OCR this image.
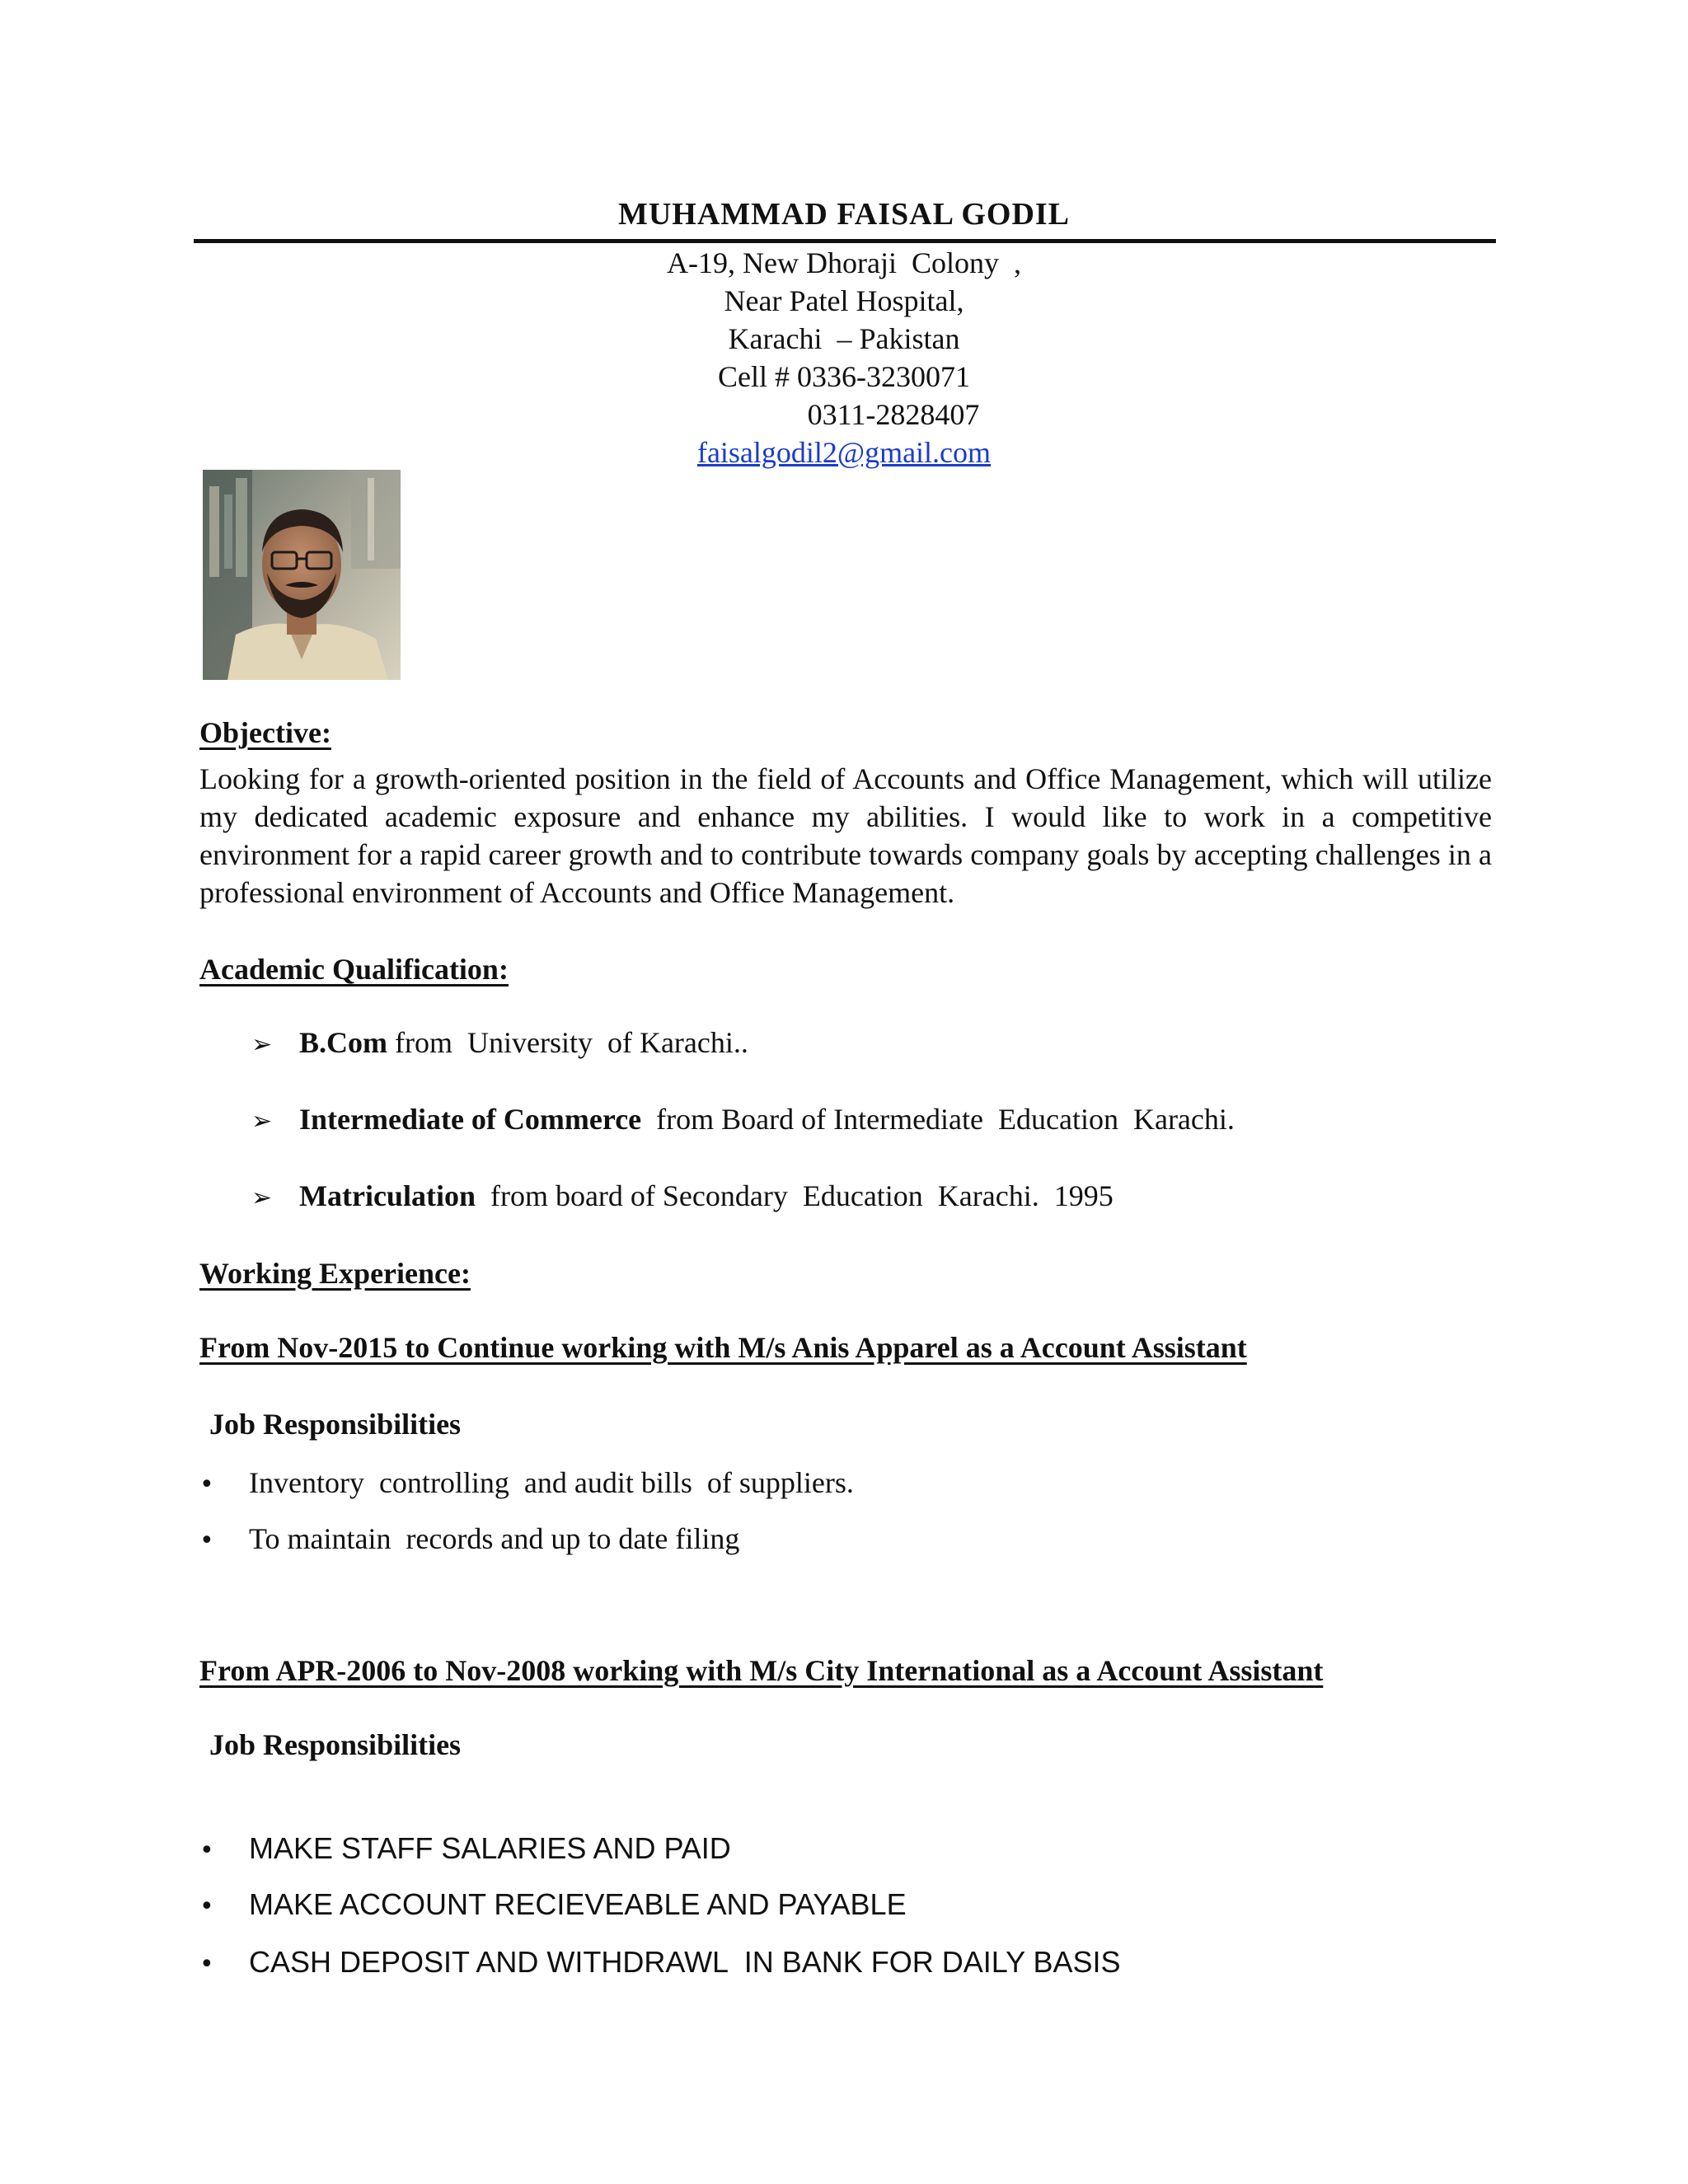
MUHAMMAD FAISAL GODIL
A-19, New Dhoraji  Colony  ,
Near Patel Hospital,
Karachi  – Pakistan
Cell # 0336-3230071
0311-2828407
faisalgodil2@gmail.com
Objective:
Looking for a growth-oriented position in the field of Accounts and Office Management, which will utilize my dedicated academic exposure and enhance my abilities. I would like to work in a competitive environment for a rapid career growth and to contribute towards company goals by accepting challenges in a professional environment of Accounts and Office Management.
Academic Qualification:
➢ B.Com from  University  of Karachi..
➢ Intermediate of Commerce  from Board of Intermediate  Education  Karachi.
➢ Matriculation  from board of Secondary  Education  Karachi.  1995
Working Experience:
From Nov-2015 to Continue working with M/s Anis Apparel as a Account Assistant
Job Responsibilities
• Inventory  controlling  and audit bills  of suppliers.
• To maintain  records and up to date filing
From APR-2006 to Nov-2008 working with M/s City International as a Account Assistant
Job Responsibilities
• MAKE STAFF SALARIES AND PAID
• MAKE ACCOUNT RECIEVEABLE AND PAYABLE
• CASH DEPOSIT AND WITHDRAWL  IN BANK FOR DAILY BASIS
